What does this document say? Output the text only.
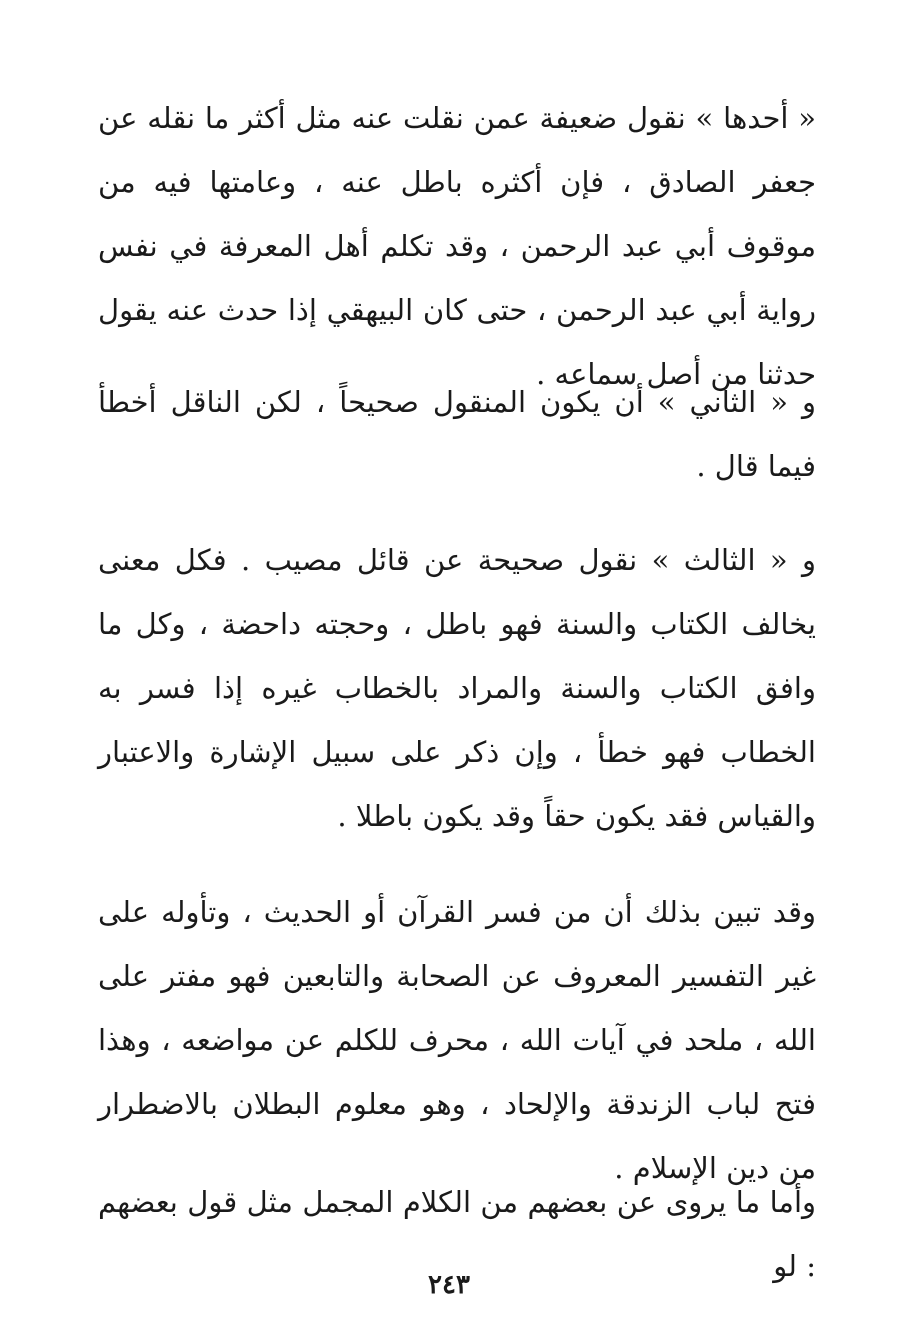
« أحدها » نقول ضعيفة عمن نقلت عنه مثل أكثر ما نقله عن جعفر الصادق ، فإن أكثره باطل عنه ، وعامتها فيه من موقوف أبي عبد الرحمن ، وقد تكلم أهل المعرفة في نفس رواية أبي عبد الرحمن ، حتى كان البيهقي إذا حدث عنه يقول حدثنا من أصل سماعه .

و « الثاني » أن يكون المنقول صحيحاً ، لكن الناقل أخطأ فيما قال .

و « الثالث » نقول صحيحة عن قائل مصيب . فكل معنى يخالف الكتاب والسنة فهو باطل ، وحجته داحضة ، وكل ما وافق الكتاب والسنة والمراد بالخطاب غيره إذا فسر به الخطاب فهو خطأ ، وإن ذكر على سبيل الإشارة والاعتبار والقياس فقد يكون حقاً وقد يكون باطلا .

وقد تبين بذلك أن من فسر القرآن أو الحديث ، وتأوله على غير التفسير المعروف عن الصحابة والتابعين فهو مفتر على الله ، ملحد في آيات الله ، محرف للكلم عن مواضعه ، وهذا فتح لباب الزندقة والإلحاد ، وهو معلوم البطلان بالاضطرار من دين الإسلام .

وأما ما يروى عن بعضهم من الكلام المجمل مثل قول بعضهم : لو

٢٤٣
